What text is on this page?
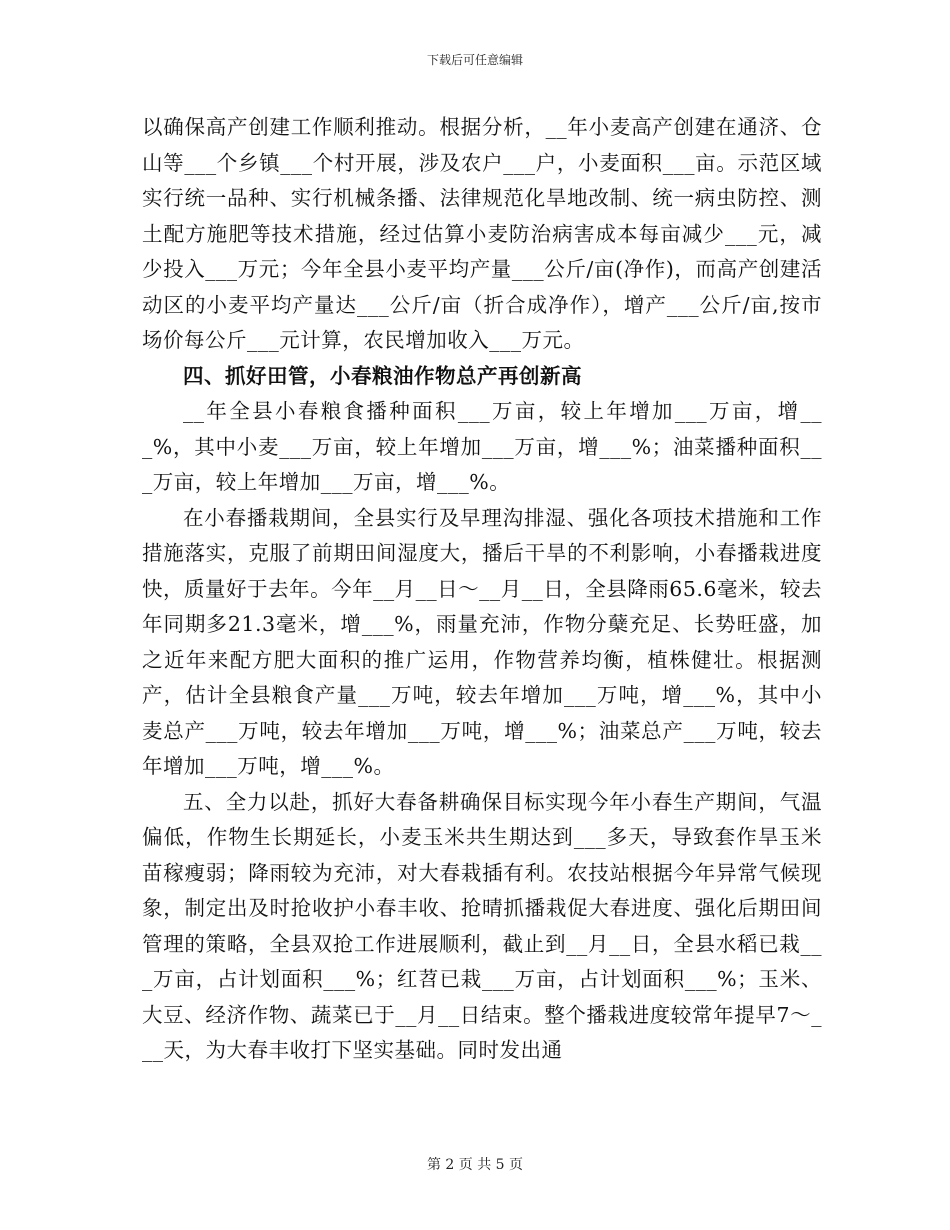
下载后可任意编辑

以确保高产创建工作顺利推动。根据分析，__年小麦高产创建在通济、仓山等___个乡镇___个村开展，涉及农户___户，小麦面积___亩。示范区域实行统一品种、实行机械条播、法律规范化旱地改制、统一病虫防控、测土配方施肥等技术措施，经过估算小麦防治病害成本每亩减少___元，减少投入___万元；今年全县小麦平均产量___公斤/亩(净作)，而高产创建活动区的小麦平均产量达___公斤/亩（折合成净作），增产___公斤/亩,按市场价每公斤___元计算，农民增加收入___万元。

四、抓好田管，小春粮油作物总产再创新高

__年全县小春粮食播种面积___万亩，较上年增加___万亩，增___%，其中小麦___万亩，较上年增加___万亩，增___%；油菜播种面积___万亩，较上年增加___万亩，增___%。

在小春播栽期间，全县实行及早理沟排湿、强化各项技术措施和工作措施落实，克服了前期田间湿度大，播后干旱的不利影响，小春播栽进度快，质量好于去年。今年__月__日～__月__日，全县降雨65.6毫米，较去年同期多21.3毫米，增___%，雨量充沛，作物分蘖充足、长势旺盛，加之近年来配方肥大面积的推广运用，作物营养均衡，植株健壮。根据测产，估计全县粮食产量___万吨，较去年增加___万吨，增___%，其中小麦总产___万吨，较去年增加___万吨，增___%；油菜总产___万吨，较去年增加___万吨，增___%。

五、全力以赴，抓好大春备耕确保目标实现今年小春生产期间，气温偏低，作物生长期延长，小麦玉米共生期达到___多天，导致套作旱玉米苗稼瘦弱；降雨较为充沛，对大春栽插有利。农技站根据今年异常气候现象，制定出及时抢收护小春丰收、抢晴抓播栽促大春进度、强化后期田间管理的策略，全县双抢工作进展顺利，截止到__月__日，全县水稻已栽___万亩，占计划面积___%；红苕已栽___万亩，占计划面积___%；玉米、大豆、经济作物、蔬菜已于__月__日结束。整个播栽进度较常年提早7～___天，为大春丰收打下坚实基础。同时发出通

第 2 页 共 5 页
